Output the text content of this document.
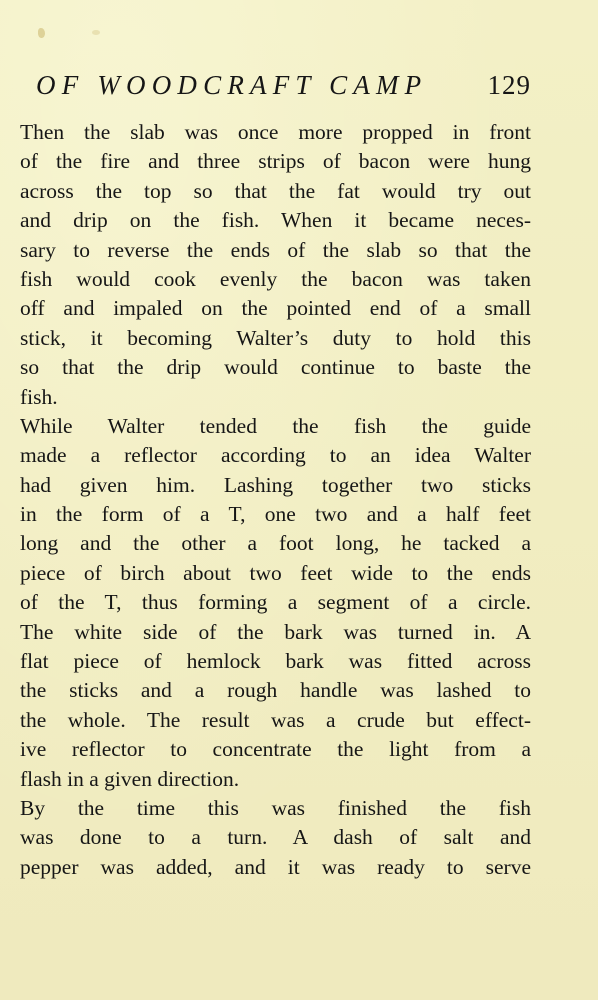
OF WOODCRAFT CAMP 129
Then the slab was once more propped in front
of the fire and three strips of bacon were hung
across the top so that the fat would try out
and drip on the fish. When it became neces-
sary to reverse the ends of the slab so that the
fish would cook evenly the bacon was taken
off and impaled on the pointed end of a small
stick, it becoming Walter’s duty to hold this
so that the drip would continue to baste the
fish.
While Walter tended the fish the guide
made a reflector according to an idea Walter
had given him. Lashing together two sticks
in the form of a T, one two and a half feet
long and the other a foot long, he tacked a
piece of birch about two feet wide to the ends
of the T, thus forming a segment of a circle.
The white side of the bark was turned in. A
flat piece of hemlock bark was fitted across
the sticks and a rough handle was lashed to
the whole. The result was a crude but effect-
ive reflector to concentrate the light from a
flash in a given direction.
By the time this was finished the fish
was done to a turn. A dash of salt and
pepper was added, and it was ready to serve
